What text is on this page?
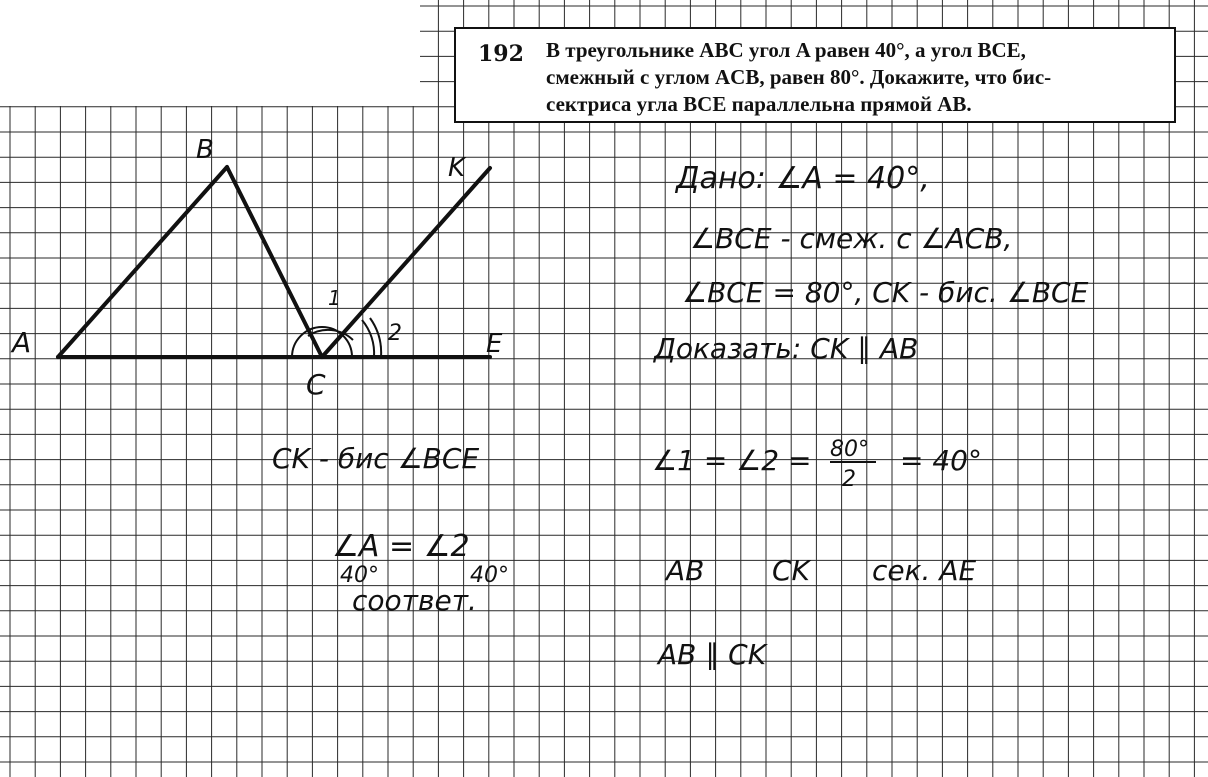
192 В треугольнике ABC угол A равен 40°, а угол BCE,
смежный с углом ACB, равен 80°. Докажите, что бис-
сектриса угла BCE параллельна прямой AB.
A
B
C
E
K
1
2
Дано: ∠A = 40°,
∠BCE - смеж. с ∠ACB,
∠BCE = 80°, CK - бис. ∠BCE
Доказать: CK ∥ AB
CK - бис ∠BCE	∠1 = ∠2 = 80°
2
= 40°
∠A = ∠2
40°	40°
соответ.
AB CK сек. AE
AB ∥ CK
